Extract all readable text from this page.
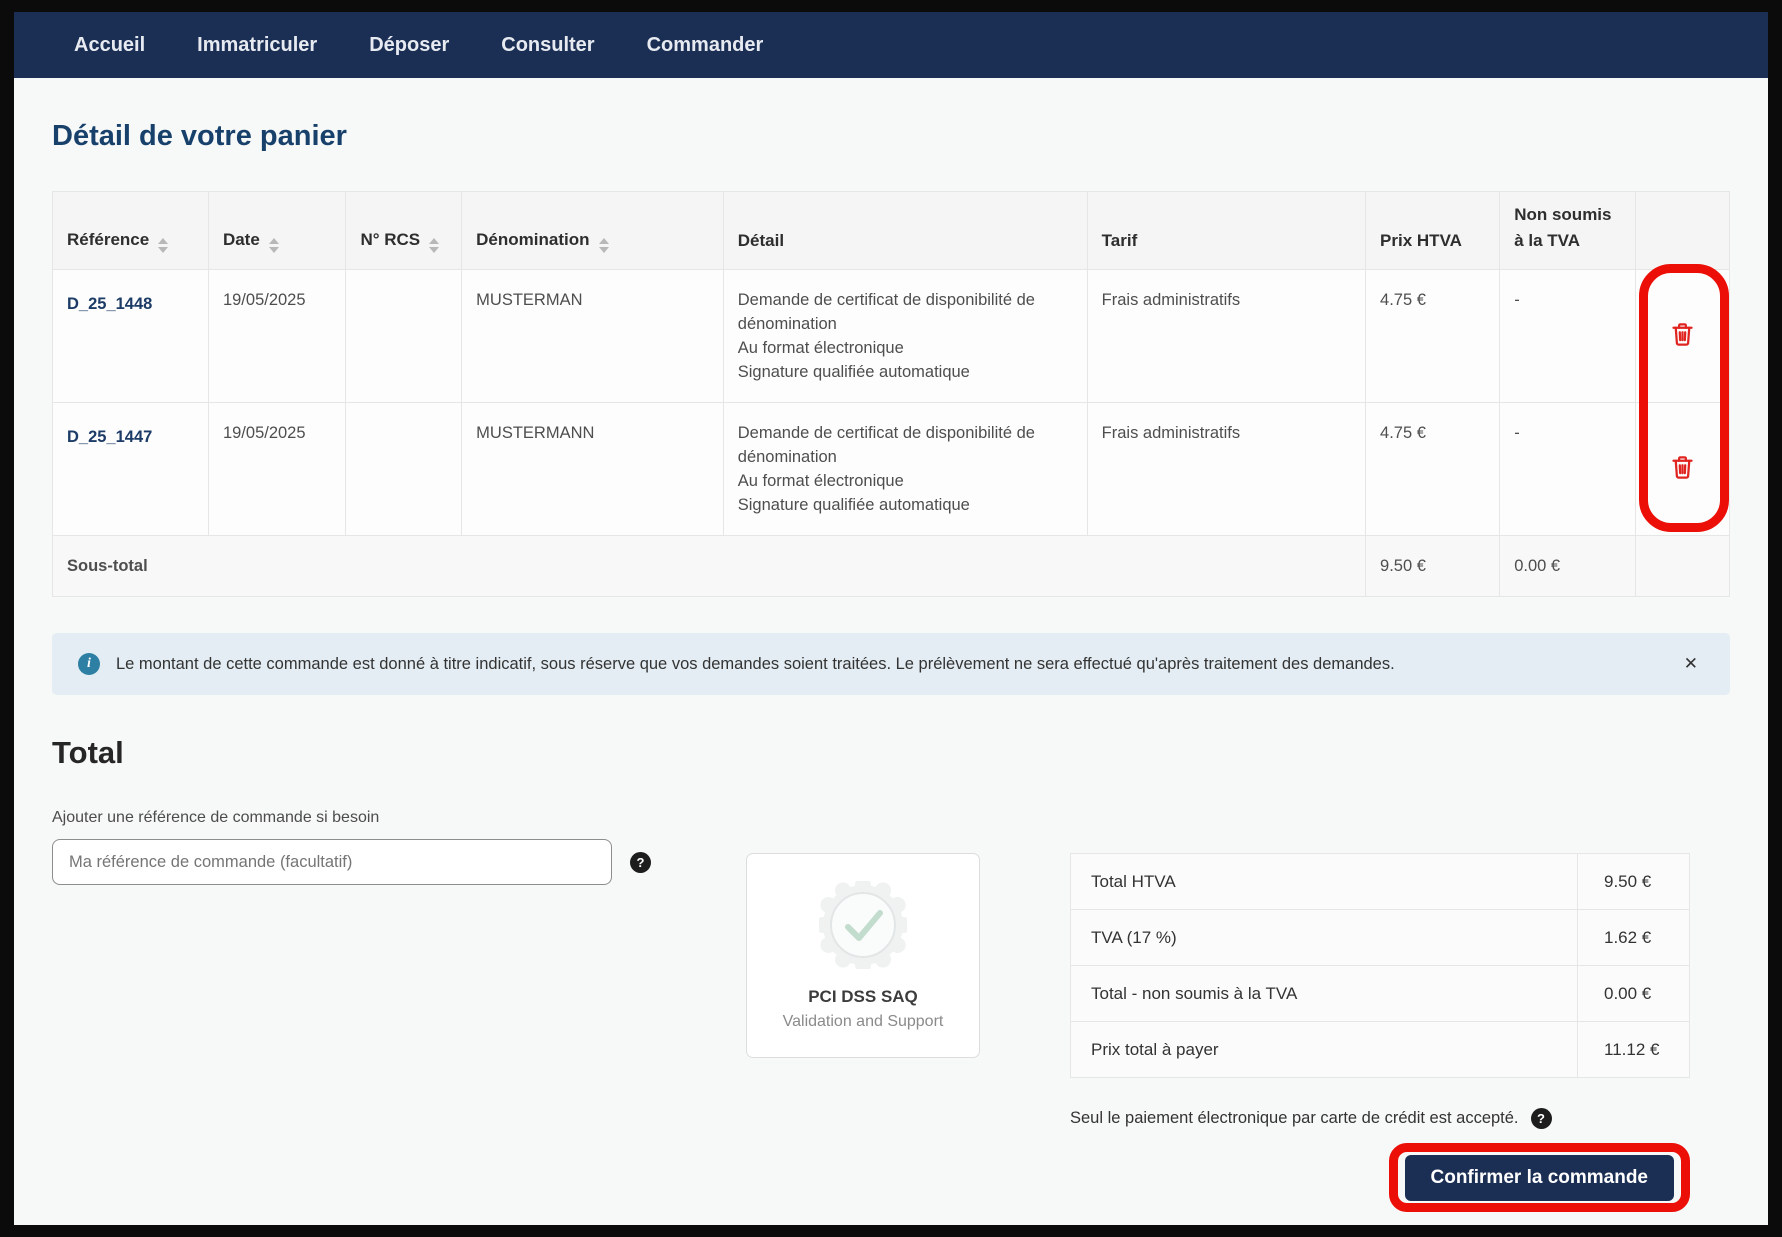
Accueil	Immatriculer	Déposer	Consulter	Commander
Détail de votre panier
Référence	Date	N° RCS	Dénomination	Détail	Tarif	Prix HTVA	Non soumis à la TVA	
D_25_1448	19/05/2025		MUSTERMAN	Demande de certificat de disponibilité de dénomination
Au format électronique
Signature qualifiée automatique	Frais administratifs	4.75 €	-	
D_25_1447	19/05/2025		MUSTERMANN	Demande de certificat de disponibilité de dénomination
Au format électronique
Signature qualifiée automatique	Frais administratifs	4.75 €	-	
Sous-total						9.50 €	0.00 €	
i	Le montant de cette commande est donné à titre indicatif, sous réserve que vos demandes soient traitées. Le prélèvement ne sera effectué qu'après traitement des demandes.	✕
Total
Ajouter une référence de commande si besoin
Ma référence de commande (facultatif)
?
PCI DSS SAQ
Validation and Support
Total HTVA	9.50 €
TVA (17 %)	1.62 €
Total - non soumis à la TVA	0.00 €
Prix total à payer	11.12 €
Seul le paiement électronique par carte de crédit est accepté.	?
Confirmer la commande
